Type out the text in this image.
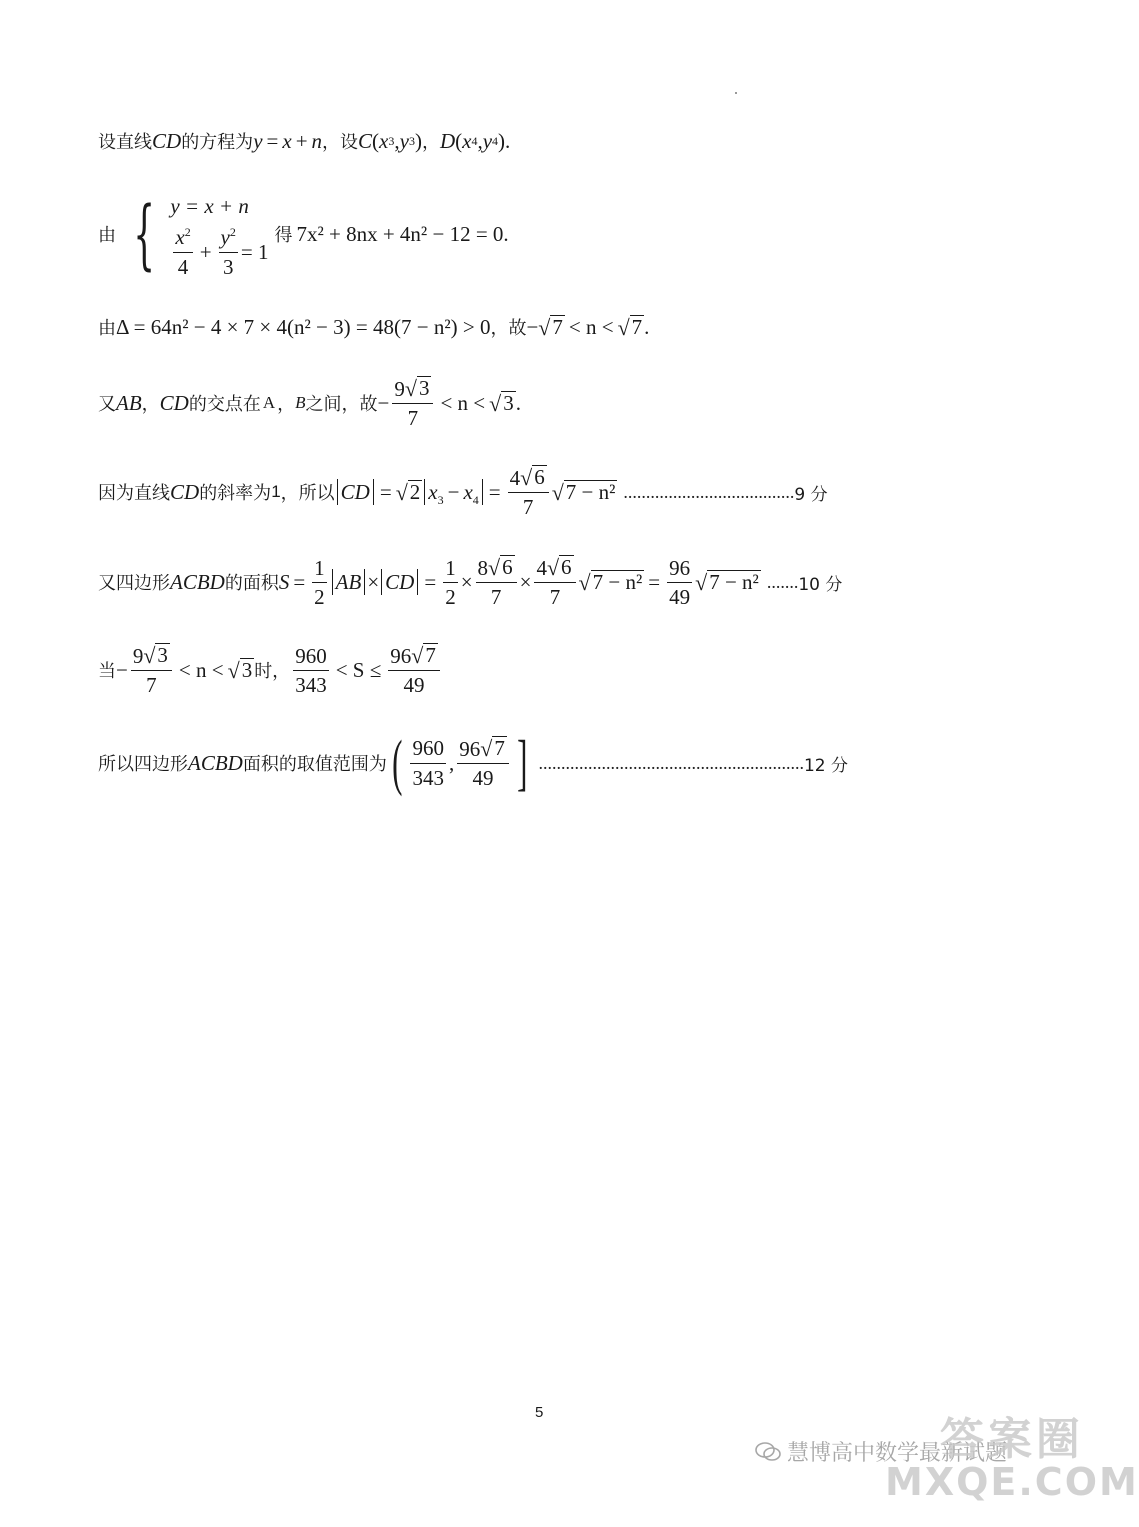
设直线 CD 的方程为 y = x + n ，设 C ( x 3 , y 3 ) ， D ( x 4 , y 4 ) .
由 { y = x + n
$\frac{x^2}{4} + \frac{y^2}{3} = 1$
得 7x² + 8nx + 4n² − 12 = 0 .
由 Δ = 64n² − 4 × 7 × 4(n² − 3) = 48(7 − n²) > 0 ，故 − √ 7 < n < √ 7 .
又 AB ， CD 的交点在 A ， B 之间，故 − $\frac{9 √ 3}{7} < n$ < √ 3 .
因为直线 CD 的斜率为 1 ，所以 CD = √ 2 $x_3 - x_4 = \frac{4 √ 6}{7}$ √ 7 − n² ...................................... 9 分
又四边形 ACBD 的面积 $S = \frac{1}{2}$ AB × CD = $\frac{1}{2} \times \frac{8 √ 6}{7} \times \frac{4 √ 6}{7}$ √ $7 - n^2 = \frac{96}{49}$ √ 7 − n² ....... 10 分
当 − $\frac{9 √ 3}{7} < n$ < √ 3 时， $\frac{960}{343} < S \le \frac{96 √ 7}{49}$
所以四边形 ACBD 面积的取值范围为 ( $\frac{960}{343}$ , $\frac{96 √ 7}{49}$ ] ........................................................... 12 分
5
慧博高中数学最新试题
答案圈
MXQE.COM
